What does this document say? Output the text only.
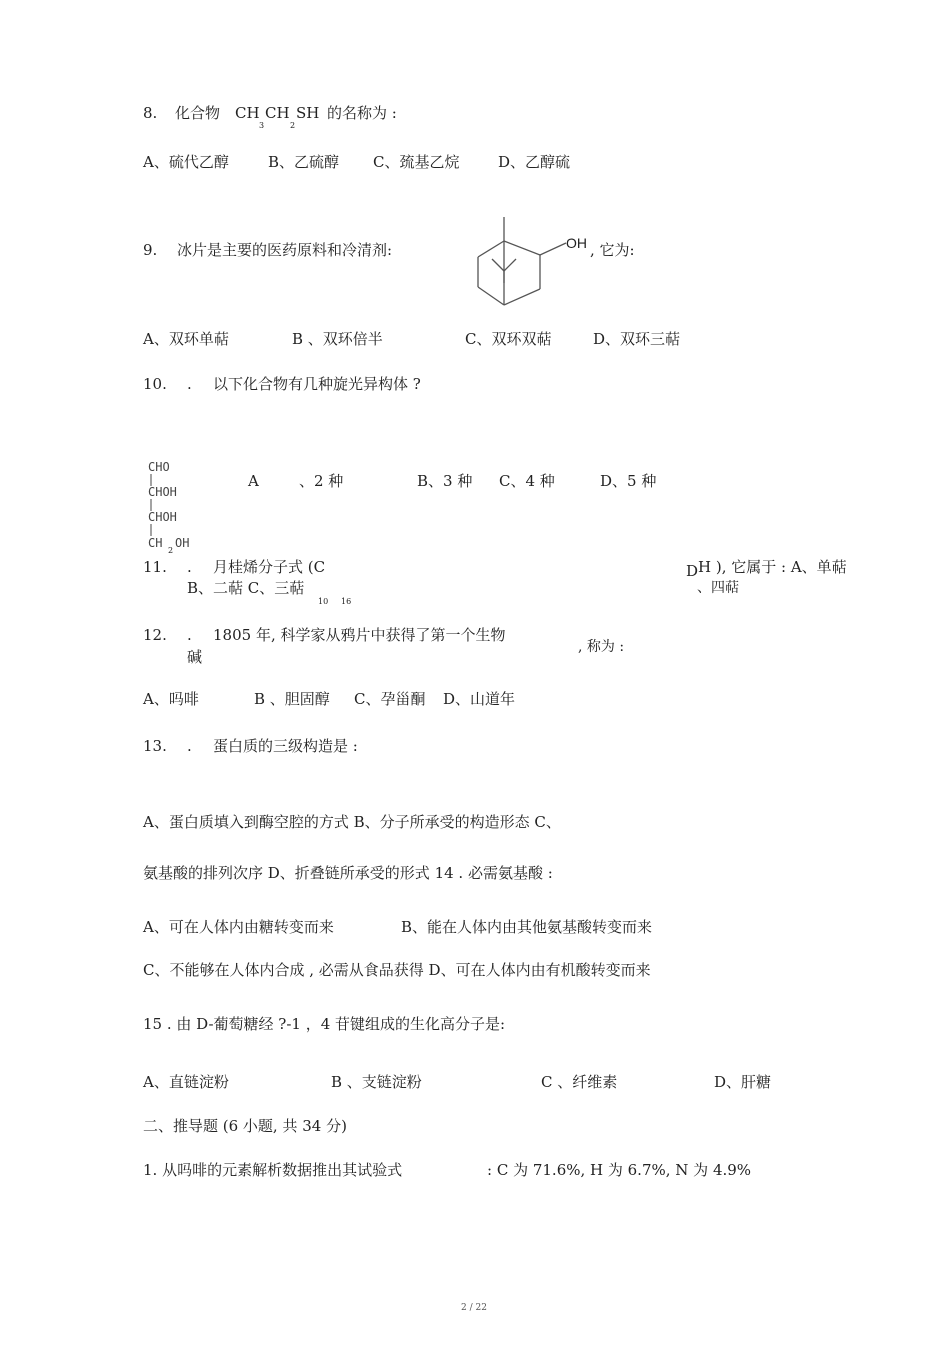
8. 化合物 CH
3
CH
2
SH 的名称为 :
A、硫代乙醇	B、乙硫醇 C、巯基乙烷	D、乙醇硫
9. 冰片是主要的医药原料和冷清剂:	OH , 它为:
A、双环单萜	B 、双环倍半	C、双环双萜	D、双环三萜
10. . 以下化合物有几种旋光异构体 ?
CHO
CHOH
CHOH
CH
2
OH
A	、2 种	B、3 种 C、4 种	D、5 种
11. . 月桂烯分子式 (C	D H ), 它属于 : A、单萜
B、二萜 C、三萜
10 16
、四萜
12. . 1805 年, 科学家从鸦片中获得了第一个生物
碱
, 称为 :
A、吗啡	B 、胆固醇 C、孕甾酮 D、山道年
13. . 蛋白质的三级构造是 :
A、蛋白质填入到酶空腔的方式 B、分子所承受的构造形态 C、
氨基酸的排列次序 D、折叠链所承受的形式 14 . 必需氨基酸 :
A、可在人体内由糖转变而来	B、能在人体内由其他氨基酸转变而来
C、不能够在人体内合成 , 必需从食品获得 D、可在人体内由有机酸转变而来
15 . 由 D-葡萄糖经 ?-1 ，4 苷键组成的生化高分子是:
A、直链淀粉	B 、支链淀粉	C 、纤维素	D、肝糖
二、推导题 (6 小题, 共 34 分)
1. 从吗啡的元素解析数据推出其试验式	: C 为 71.6%, H 为 6.7%, N 为 4.9%
2 / 22
